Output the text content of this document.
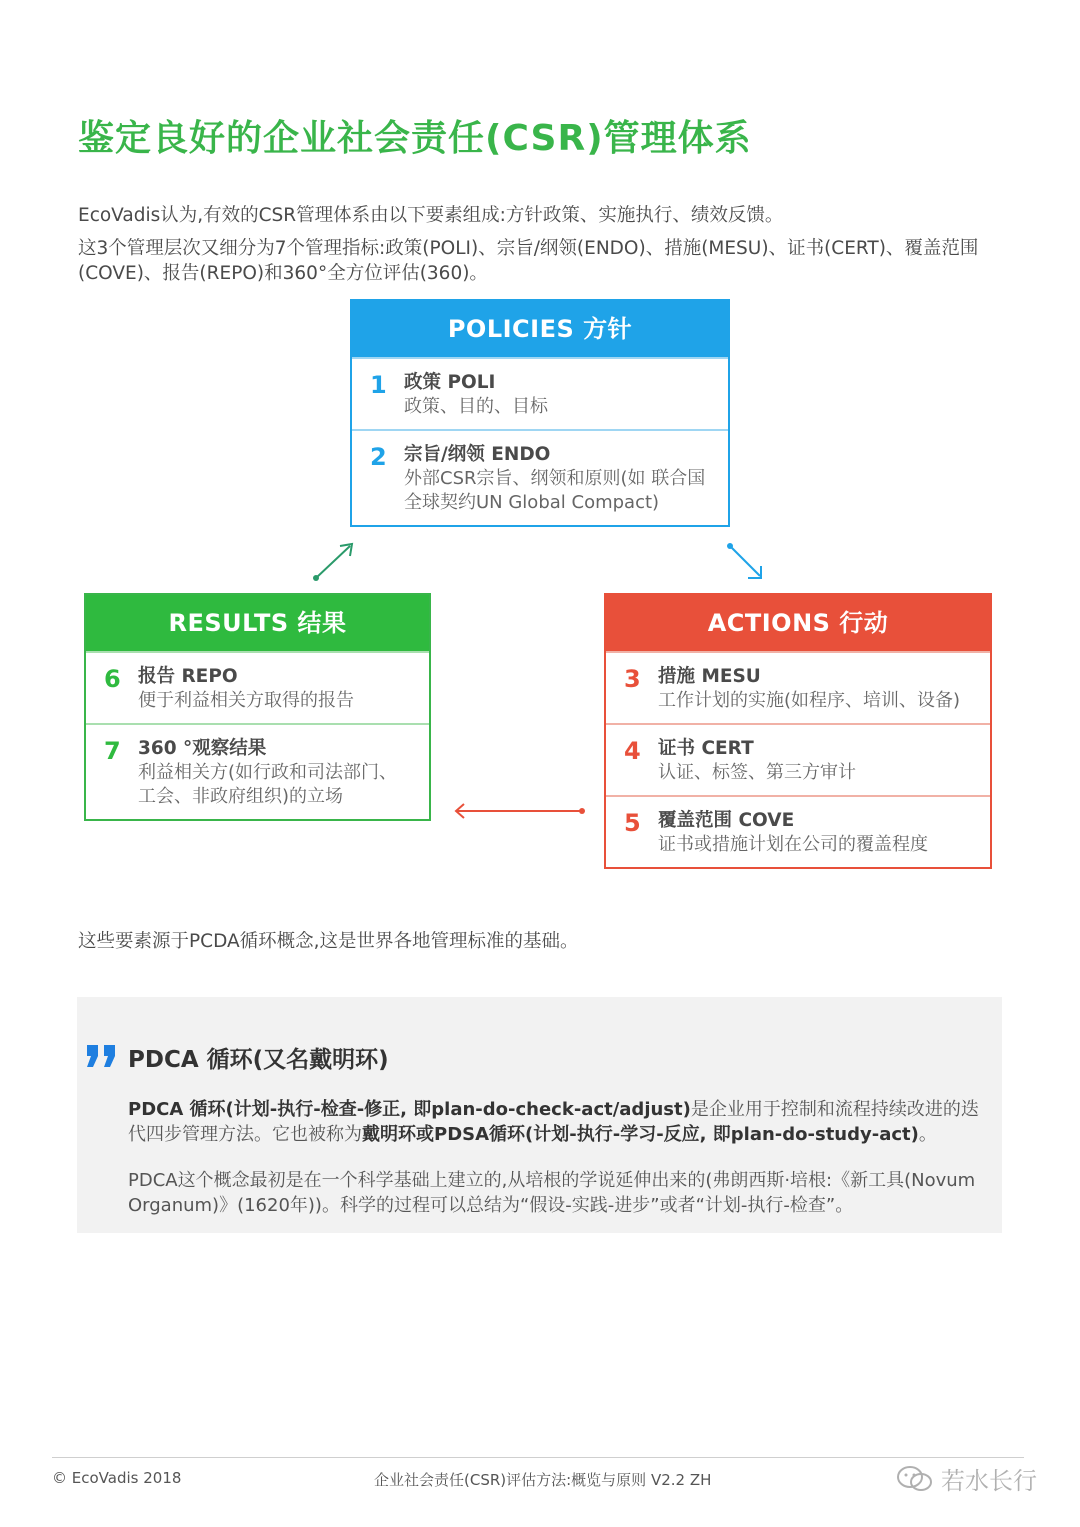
鉴定良好的企业社会责任(CSR)管理体系

EcoVadis认为,有效的CSR管理体系由以下要素组成:方针政策、实施执行、绩效反馈。

这3个管理层次又细分为7个管理指标:政策(POLI)、宗旨/纲领(ENDO)、措施(MESU)、证书(CERT)、覆盖范围(COVE)、报告(REPO)和360°全方位评估(360)。

POLICIES 方针
1 政策 POLI
政策、目的、目标
2 宗旨/纲领 ENDO
外部CSR宗旨、纲领和原则(如 联合国全球契约UN Global Compact)
RESULTS 结果
6 报告 REPO
便于利益相关方取得的报告
7 360 °观察结果
利益相关方(如行政和司法部门、工会、非政府组织)的立场
ACTIONS 行动
3 措施 MESU
工作计划的实施(如程序、培训、设备)
4 证书 CERT
认证、标签、第三方审计
5 覆盖范围 COVE
证书或措施计划在公司的覆盖程度
这些要素源于PCDA循环概念,这是世界各地管理标准的基础。
PDCA 循环(又名戴明环)

PDCA 循环(计划-执行-检查-修正, 即plan-do-check-act/adjust)是企业用于控制和流程持续改进的迭代四步管理方法。它也被称为戴明环或PDSA循环(计划-执行-学习-反应, 即plan-do-study-act)。

PDCA这个概念最初是在一个科学基础上建立的,从培根的学说延伸出来的(弗朗西斯·培根:《新工具(Novum Organum)》(1620年))。科学的过程可以总结为“假设-实践-进步”或者“计划-执行-检查”。

© EcoVadis 2018	企业社会责任(CSR)评估方法:概览与原则 V2.2 ZH	若水长行
